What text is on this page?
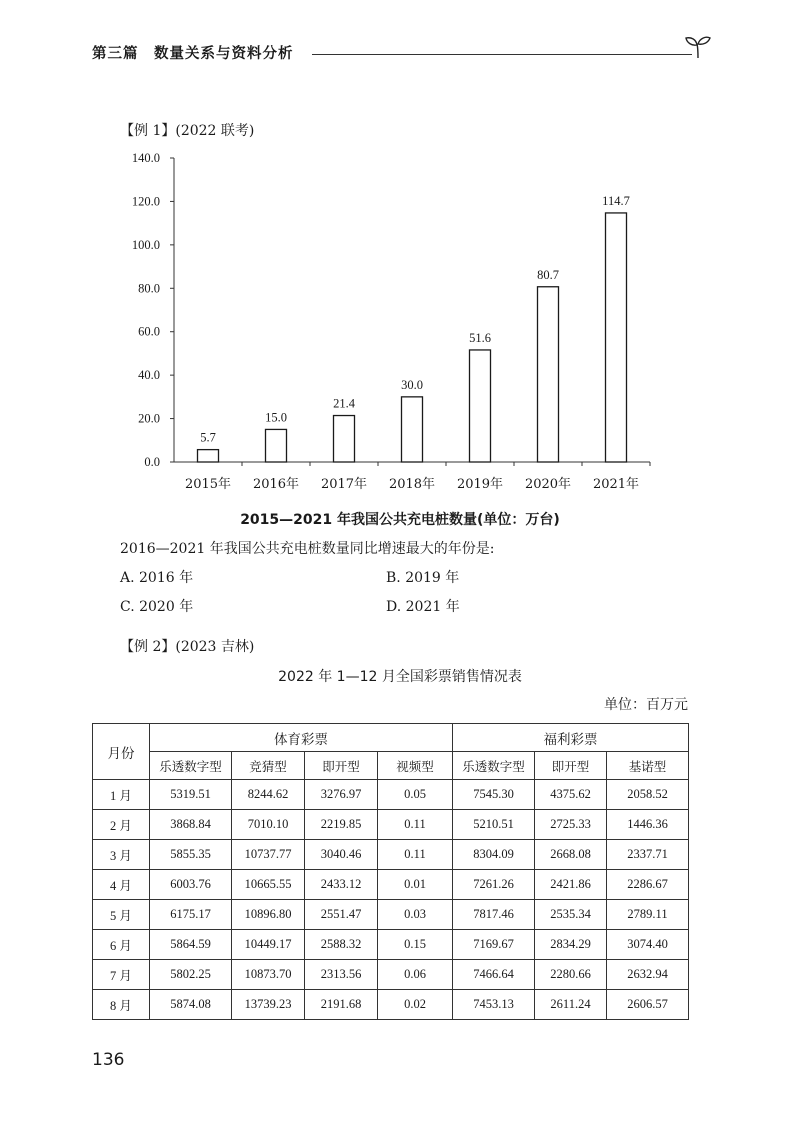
第三篇　数量关系与资料分析
【例 1】(2022 联考)
0.0
20.0
40.0
60.0
80.0
100.0
120.0
140.0
5.7
2015年
15.0
2016年
21.4
2017年
30.0
2018年
51.6
2019年
80.7
2020年
114.7
2021年
2015—2021 年我国公共充电桩数量(单位：万台)
2016—2021 年我国公共充电桩数量同比增速最大的年份是:
A. 2016 年	B. 2019 年
C. 2020 年	D. 2021 年
【例 2】(2023 吉林)
2022 年 1—12 月全国彩票销售情况表
单位：百万元
月份	体育彩票				福利彩票		
	乐透数字型	竞猜型	即开型	视频型	乐透数字型	即开型	基诺型
1 月	5319.51	8244.62	3276.97	0.05	7545.30	4375.62	2058.52
2 月	3868.84	7010.10	2219.85	0.11	5210.51	2725.33	1446.36
3 月	5855.35	10737.77	3040.46	0.11	8304.09	2668.08	2337.71
4 月	6003.76	10665.55	2433.12	0.01	7261.26	2421.86	2286.67
5 月	6175.17	10896.80	2551.47	0.03	7817.46	2535.34	2789.11
6 月	5864.59	10449.17	2588.32	0.15	7169.67	2834.29	3074.40
7 月	5802.25	10873.70	2313.56	0.06	7466.64	2280.66	2632.94
8 月	5874.08	13739.23	2191.68	0.02	7453.13	2611.24	2606.57
136
